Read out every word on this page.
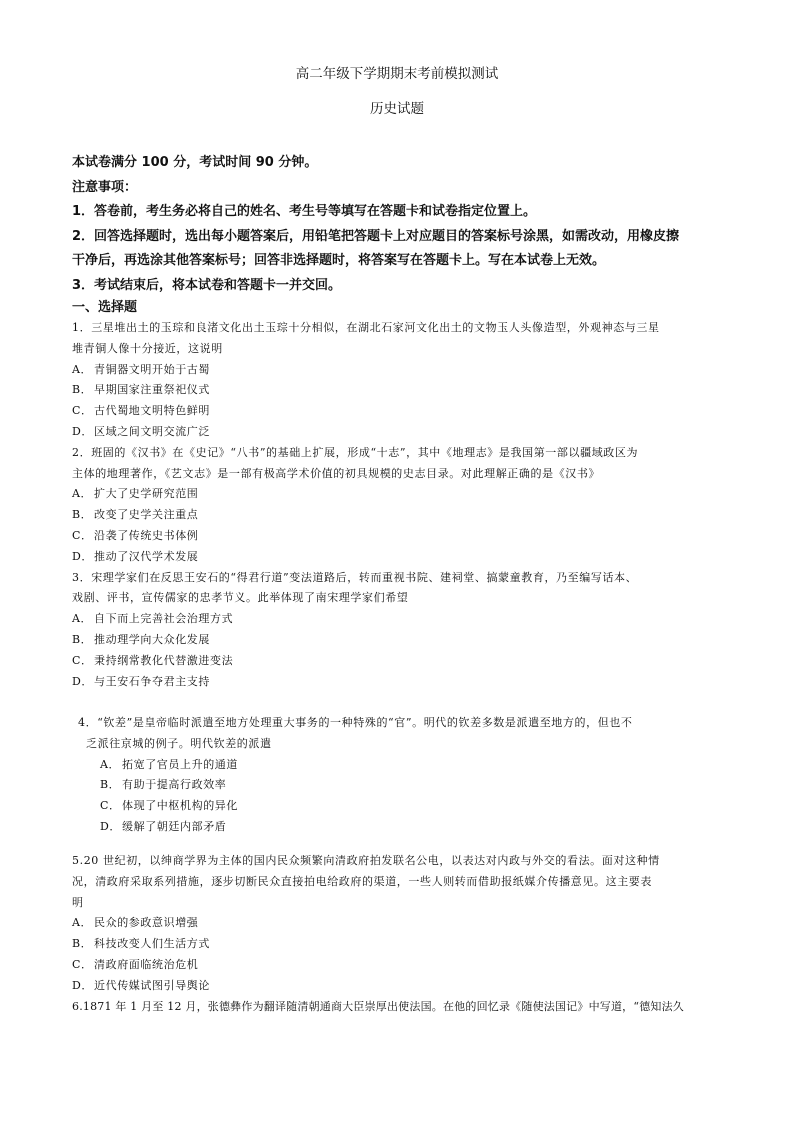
高二年级下学期期末考前模拟测试
历史试题
本试卷满分 100 分，考试时间 90 分钟。
注意事项：
1．答卷前，考生务必将自己的姓名、考生号等填写在答题卡和试卷指定位置上。
2．回答选择题时，选出每小题答案后，用铅笔把答题卡上对应题目的答案标号涂黑，如需改动，用橡皮擦
干净后，再选涂其他答案标号；回答非选择题时，将答案写在答题卡上。写在本试卷上无效。
3．考试结束后，将本试卷和答题卡一并交回。
一、选择题
1．三星堆出土的玉琮和良渚文化出土玉琮十分相似，在湖北石家河文化出土的文物玉人头像造型，外观神态与三星
堆青铜人像十分接近，这说明
A． 青铜器文明开始于古蜀
B． 早期国家注重祭祀仪式
C．古代蜀地文明特色鲜明
D．区域之间文明交流广泛
2．班固的《汉书》在《史记》“八书”的基础上扩展，形成“十志”，其中《地理志》是我国第一部以疆域政区为
主体的地理著作，《艺文志》是一部有极高学术价值的初具规模的史志目录。对此理解正确的是《汉书》
A． 扩大了史学研究范围
B． 改变了史学关注重点
C．沿袭了传统史书体例
D．推动了汉代学术发展
3．宋理学家们在反思王安石的“得君行道”变法道路后，转而重视书院、建祠堂、搞蒙童教育，乃至编写话本、
戏剧、评书，宣传儒家的忠孝节义。此举体现了南宋理学家们希望
A． 自下而上完善社会治理方式
B． 推动理学向大众化发展
C．秉持纲常教化代替激进变法
D．与王安石争夺君主支持
4．“钦差”是皇帝临时派遣至地方处理重大事务的一种特殊的“官”。明代的钦差多数是派遣至地方的，但也不
乏派往京城的例子。明代钦差的派遣
A． 拓宽了官员上升的通道
B． 有助于提高行政效率
C．体现了中枢机构的异化
D．缓解了朝廷内部矛盾
5.20 世纪初，以绅商学界为主体的国内民众频繁向清政府拍发联名公电，以表达对内政与外交的看法。面对这种情
况，清政府采取系列措施，逐步切断民众直接拍电给政府的渠道，一些人则转而借助报纸媒介传播意见。这主要表
明
A． 民众的参政意识增强
B． 科技改变人们生活方式
C．清政府面临统治危机
D．近代传媒试图引导舆论
6.1871 年 1 月至 12 月，张德彝作为翻译随清朝通商大臣崇厚出使法国。在他的回忆录《随使法国记》中写道，“德知法久
